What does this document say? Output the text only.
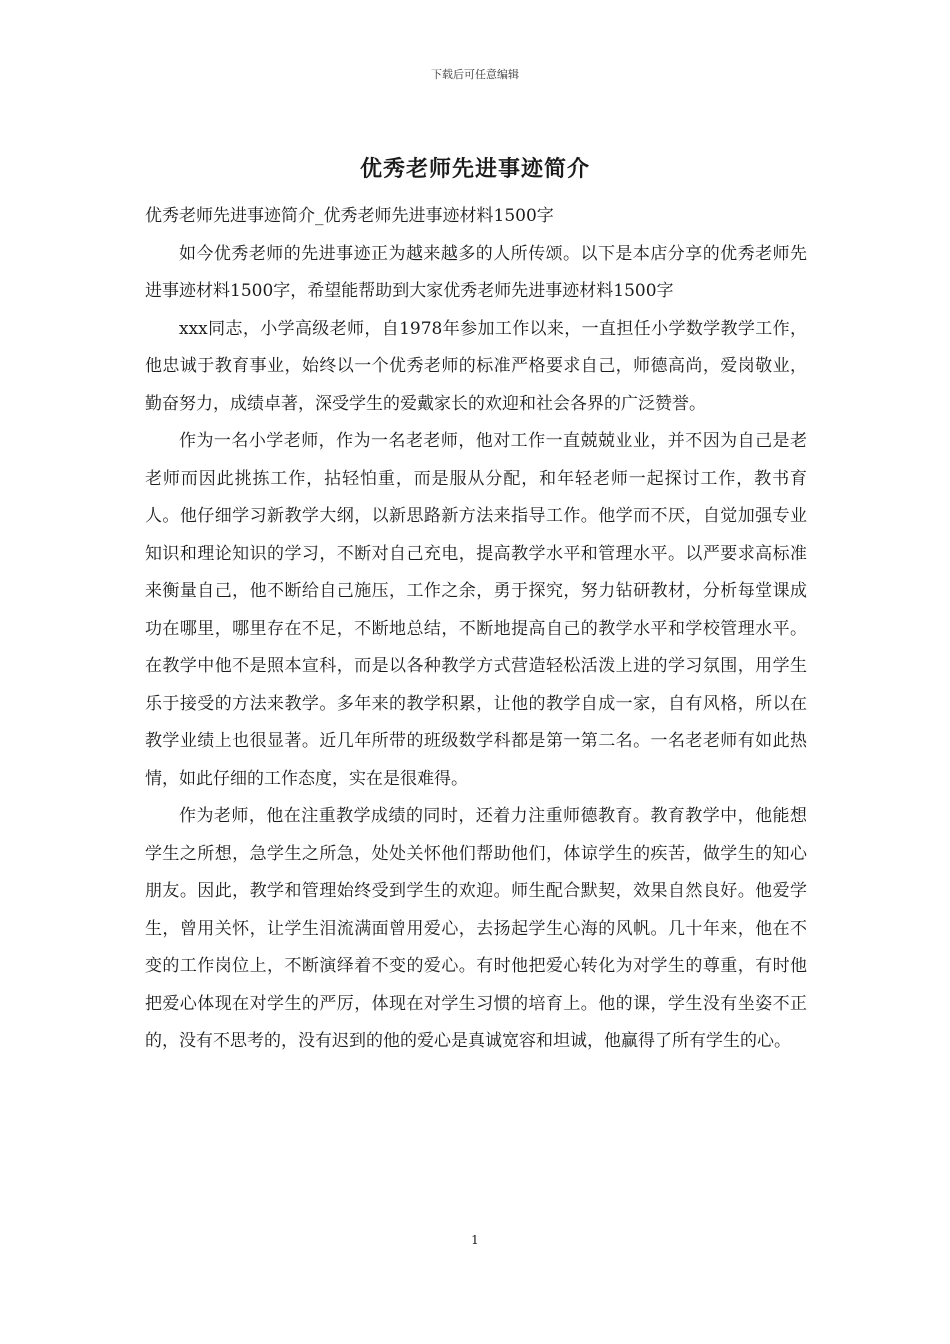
下载后可任意编辑
优秀老师先进事迹简介

优秀老师先进事迹简介_优秀老师先进事迹材料1500字

如今优秀老师的先进事迹正为越来越多的人所传颂。以下是本店分享的优秀老师先进事迹材料1500字，希望能帮助到大家优秀老师先进事迹材料1500字

xxx同志，小学高级老师，自1978年参加工作以来，一直担任小学数学教学工作，他忠诚于教育事业，始终以一个优秀老师的标准严格要求自己，师德高尚，爱岗敬业，勤奋努力，成绩卓著，深受学生的爱戴家长的欢迎和社会各界的广泛赞誉。

作为一名小学老师，作为一名老老师，他对工作一直兢兢业业，并不因为自己是老老师而因此挑拣工作，拈轻怕重，而是服从分配，和年轻老师一起探讨工作，教书育人。他仔细学习新教学大纲，以新思路新方法来指导工作。他学而不厌，自觉加强专业知识和理论知识的学习，不断对自己充电，提高教学水平和管理水平。以严要求高标准来衡量自己，他不断给自己施压，工作之余，勇于探究，努力钻研教材，分析每堂课成功在哪里，哪里存在不足，不断地总结，不断地提高自己的教学水平和学校管理水平。在教学中他不是照本宣科，而是以各种教学方式营造轻松活泼上进的学习氛围，用学生乐于接受的方法来教学。多年来的教学积累，让他的教学自成一家，自有风格，所以在教学业绩上也很显著。近几年所带的班级数学科都是第一第二名。一名老老师有如此热情，如此仔细的工作态度，实在是很难得。

作为老师，他在注重教学成绩的同时，还着力注重师德教育。教育教学中，他能想学生之所想，急学生之所急，处处关怀他们帮助他们，体谅学生的疾苦，做学生的知心朋友。因此，教学和管理始终受到学生的欢迎。师生配合默契，效果自然良好。他爱学生，曾用关怀，让学生泪流满面曾用爱心，去扬起学生心海的风帆。几十年来，他在不变的工作岗位上，不断演绎着不变的爱心。有时他把爱心转化为对学生的尊重，有时他把爱心体现在对学生的严厉，体现在对学生习惯的培育上。他的课，学生没有坐姿不正的，没有不思考的，没有迟到的他的爱心是真诚宽容和坦诚，他赢得了所有学生的心。

1
